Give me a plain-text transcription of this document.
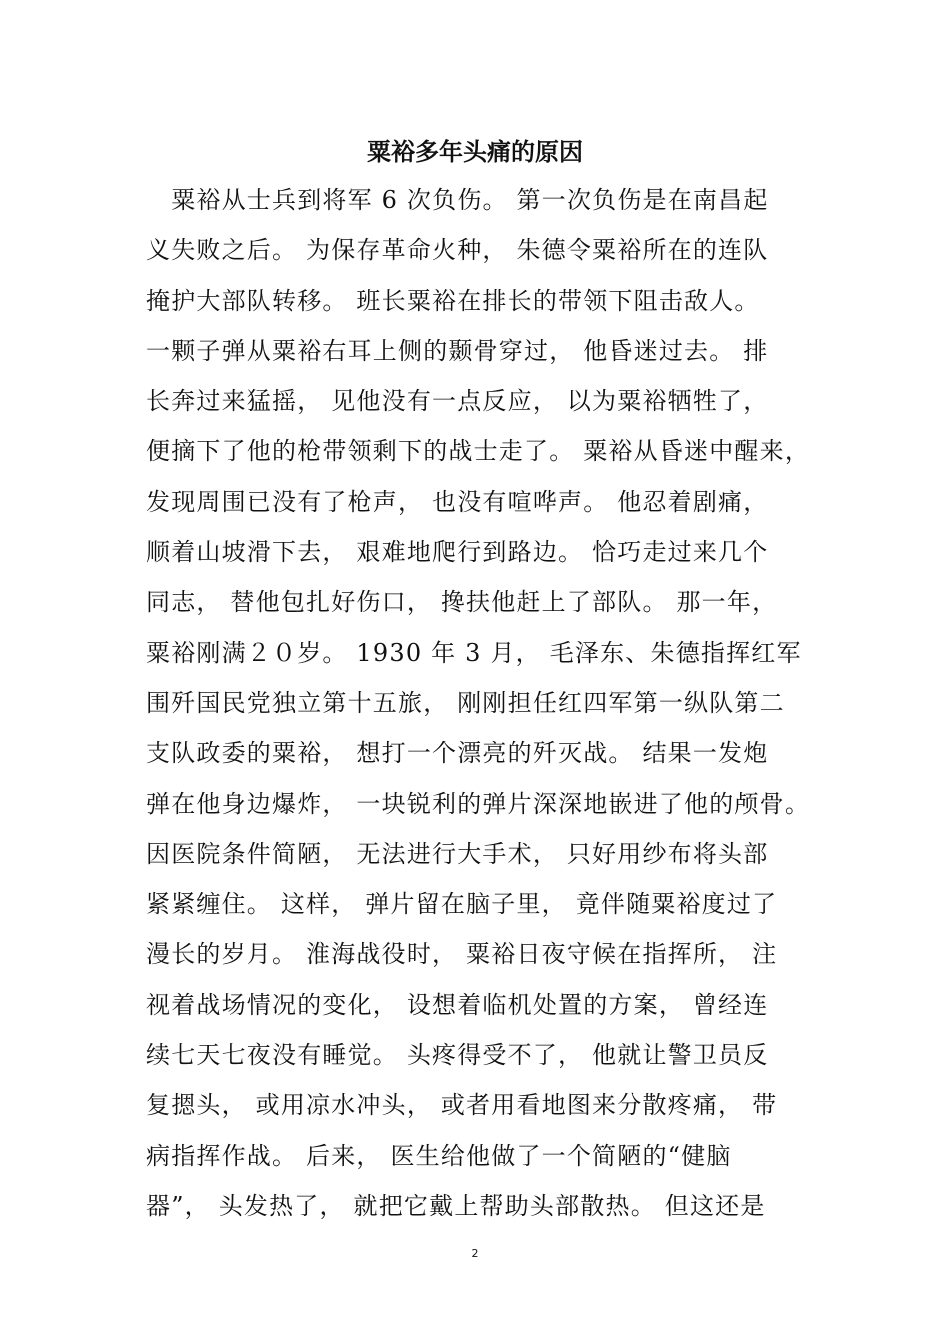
粟裕多年头痛的原因
　粟裕从士兵到将军 6 次负伤。 第一次负伤是在南昌起
义失败之后。 为保存革命火种， 朱德令粟裕所在的连队
掩护大部队转移。 班长粟裕在排长的带领下阻击敌人。
一颗子弹从粟裕右耳上侧的颞骨穿过， 他昏迷过去。 排
长奔过来猛摇， 见他没有一点反应， 以为粟裕牺牲了，
便摘下了他的枪带领剩下的战士走了。 粟裕从昏迷中醒来，
发现周围已没有了枪声， 也没有喧哗声。 他忍着剧痛，
顺着山坡滑下去， 艰难地爬行到路边。 恰巧走过来几个
同志， 替他包扎好伤口， 搀扶他赶上了部队。 那一年，
粟裕刚满２０岁。 1930 年 3 月， 毛泽东、朱德指挥红军
围歼国民党独立第十五旅， 刚刚担任红四军第一纵队第二
支队政委的粟裕， 想打一个漂亮的歼灭战。 结果一发炮
弹在他身边爆炸， 一块锐利的弹片深深地嵌进了他的颅骨。
因医院条件简陋， 无法进行大手术， 只好用纱布将头部
紧紧缠住。 这样， 弹片留在脑子里， 竟伴随粟裕度过了
漫长的岁月。 淮海战役时， 粟裕日夜守候在指挥所， 注
视着战场情况的变化， 设想着临机处置的方案， 曾经连
续七天七夜没有睡觉。 头疼得受不了， 他就让警卫员反
复摁头， 或用凉水冲头， 或者用看地图来分散疼痛， 带
病指挥作战。 后来， 医生给他做了一个简陋的“健脑
器”， 头发热了， 就把它戴上帮助头部散热。 但这还是
2
